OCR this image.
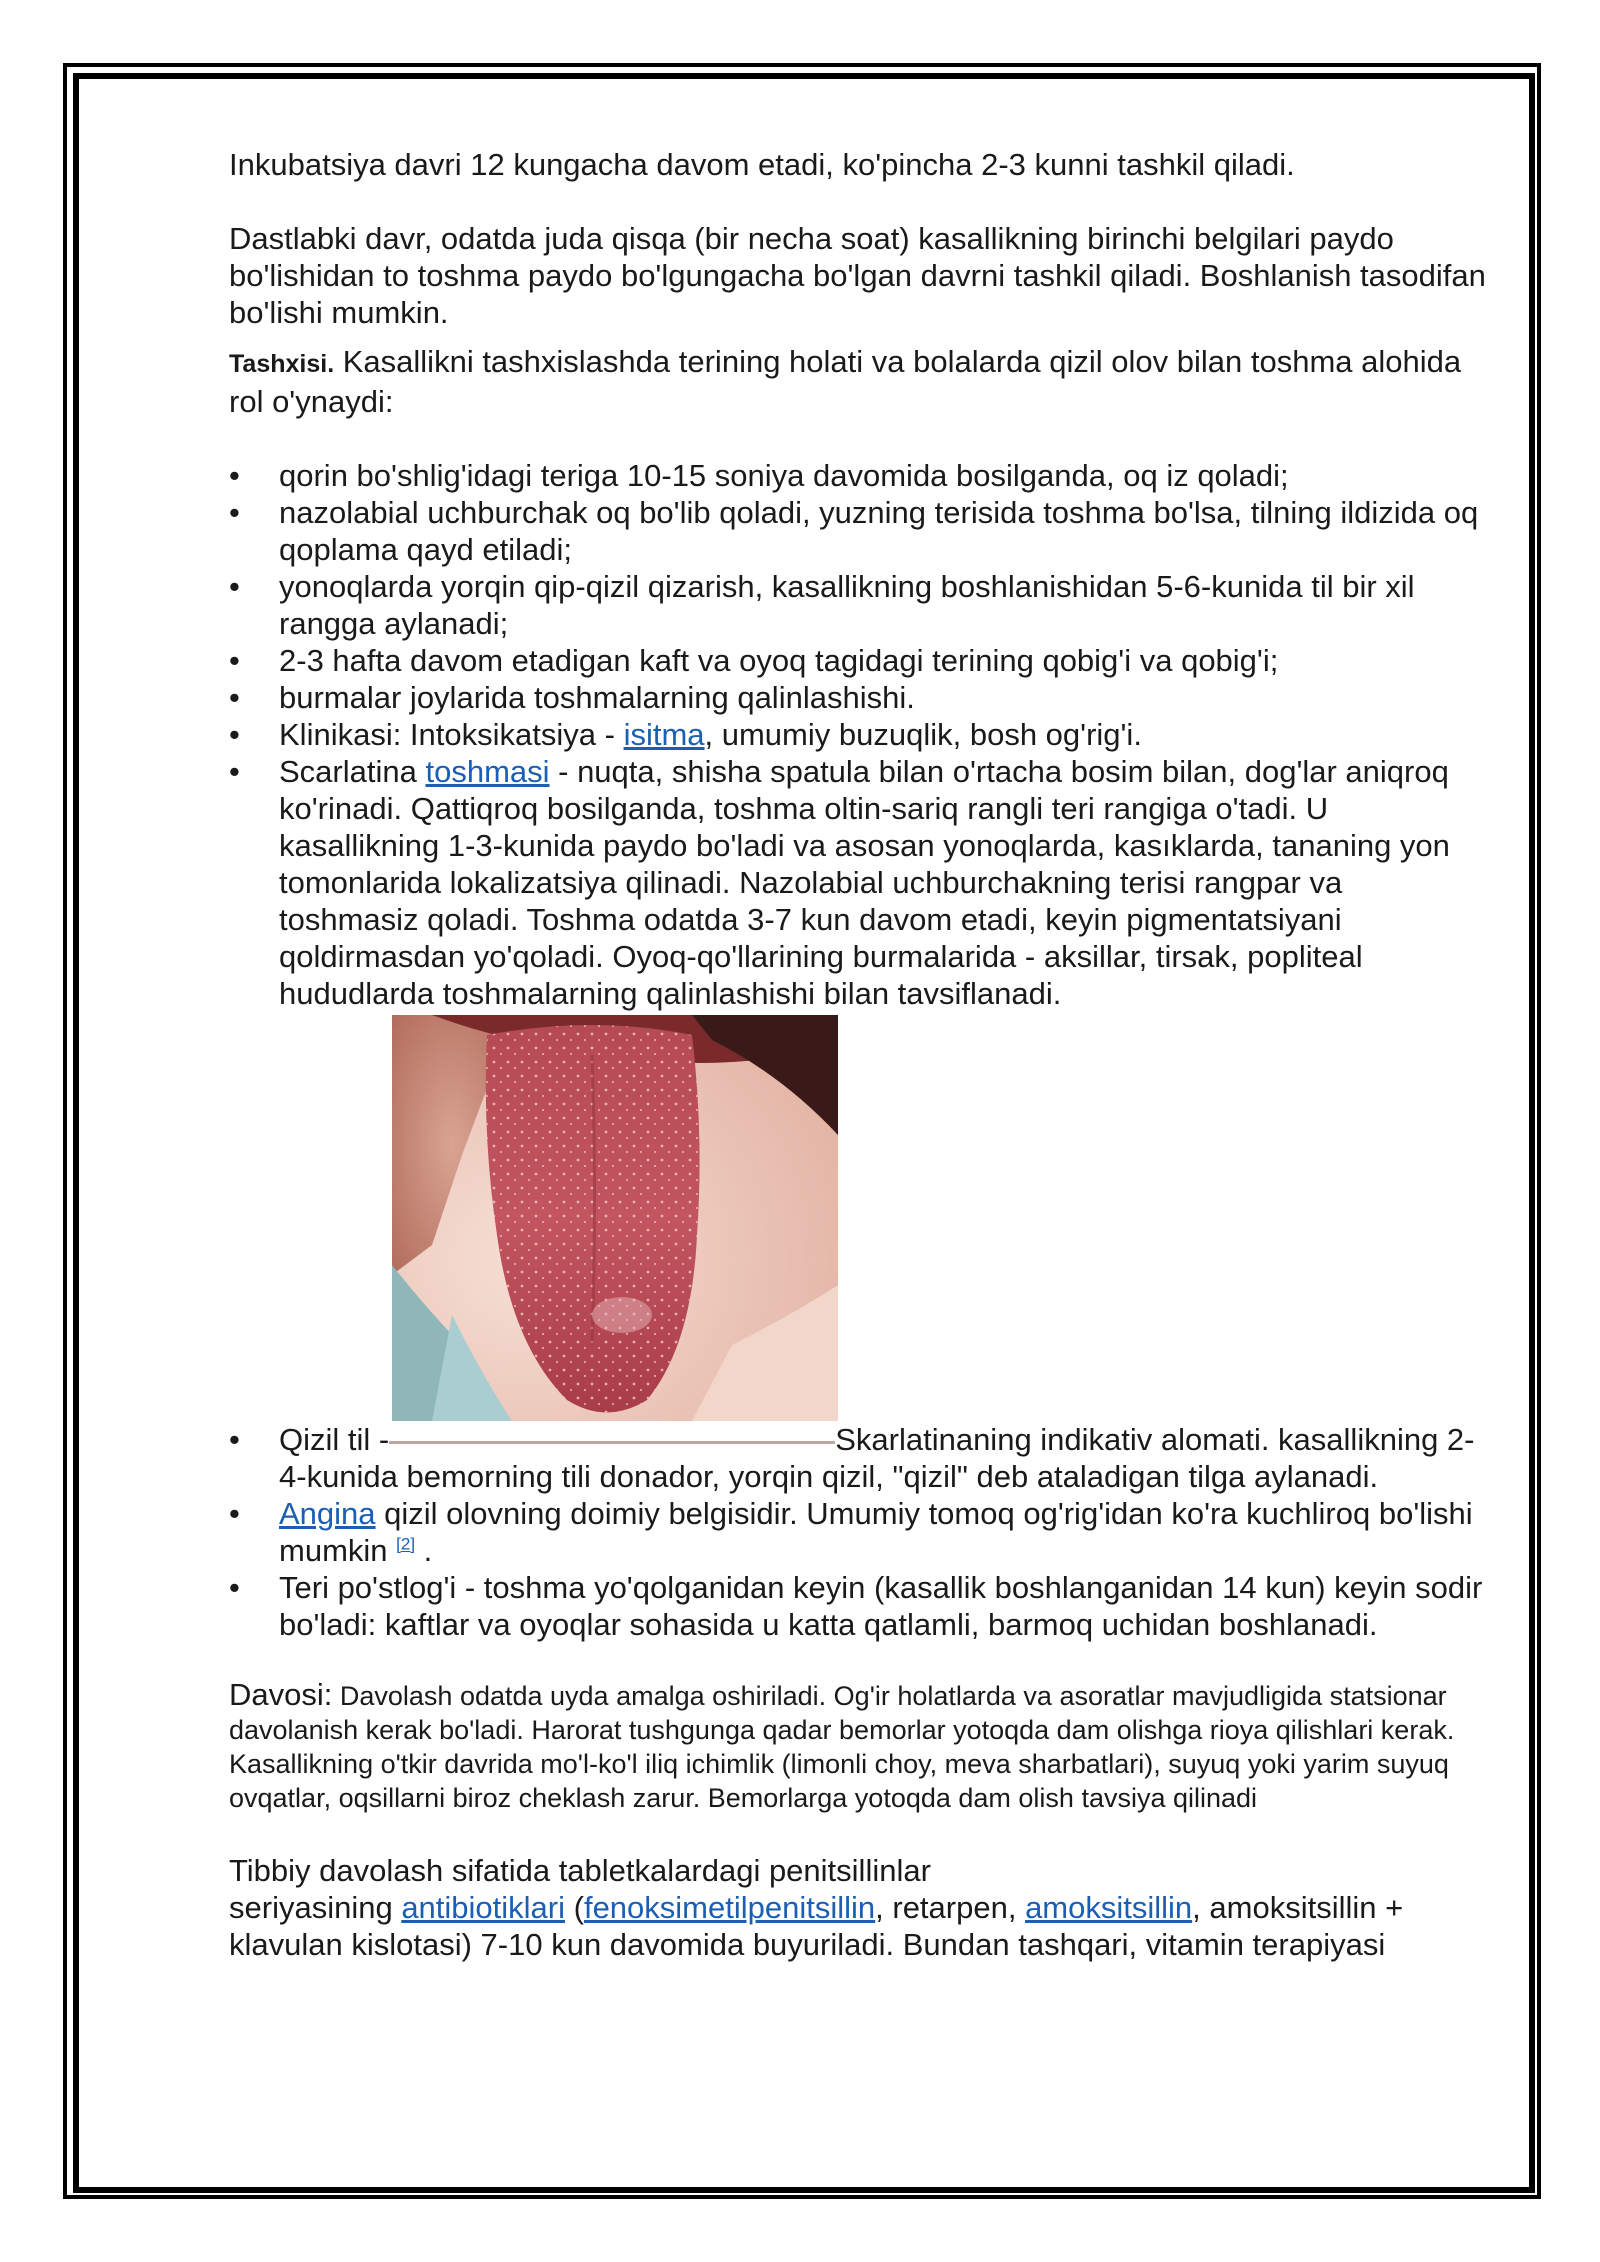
Inkubatsiya davri 12 kungacha davom etadi, ko'pincha 2-3 kunni tashkil qiladi.

Dastlabki davr, odatda juda qisqa (bir necha soat) kasallikning birinchi belgilari paydo bo'lishidan to toshma paydo bo'lgungacha bo'lgan davrni tashkil qiladi. Boshlanish tasodifan bo'lishi mumkin.

Tashxisi. Kasallikni tashxislashda terining holati va bolalarda qizil olov bilan toshma alohida rol o'ynaydi:

• qorin bo'shlig'idagi teriga 10-15 soniya davomida bosilganda, oq iz qoladi;
• nazolabial uchburchak oq bo'lib qoladi, yuzning terisida toshma bo'lsa, tilning ildizida oq qoplama qayd etiladi;
• yonoqlarda yorqin qip-qizil qizarish, kasallikning boshlanishidan 5-6-kunida til bir xil rangga aylanadi;
• 2-3 hafta davom etadigan kaft va oyoq tagidagi terining qobig'i va qobig'i;
• burmalar joylarida toshmalarning qalinlashishi.
• Klinikasi: Intoksikatsiya - isitma, umumiy buzuqlik, bosh og'rig'i.
• Scarlatina toshmasi - nuqta, shisha spatula bilan o'rtacha bosim bilan, dog'lar aniqroq ko'rinadi. Qattiqroq bosilganda, toshma oltin-sariq rangli teri rangiga o'tadi. U kasallikning 1-3-kunida paydo bo'ladi va asosan yonoqlarda, kasıklarda, tananing yon tomonlarida lokalizatsiya qilinadi. Nazolabial uchburchakning terisi rangpar va toshmasiz qoladi. Toshma odatda 3-7 kun davom etadi, keyin pigmentatsiyani qoldirmasdan yo'qoladi. Oyoq-qo'llarining burmalarida - aksillar, tirsak, popliteal hududlarda toshmalarning qalinlashishi bilan tavsiflanadi.
• Qizil til -	Skarlatinaning indikativ alomati. kasallikning 2-4-kunida bemorning tili donador, yorqin qizil, "qizil" deb ataladigan tilga aylanadi.
• Angina qizil olovning doimiy belgisidir. Umumiy tomoq og'rig'idan ko'ra kuchliroq bo'lishi mumkin [2] .
• Teri po'stlog'i - toshma yo'qolganidan keyin (kasallik boshlanganidan 14 kun) keyin sodir bo'ladi: kaftlar va oyoqlar sohasida u katta qatlamli, barmoq uchidan boshlanadi.

Davosi: Davolash odatda uyda amalga oshiriladi. Og'ir holatlarda va asoratlar mavjudligida statsionar davolanish kerak bo'ladi. Harorat tushgunga qadar bemorlar yotoqda dam olishga rioya qilishlari kerak. Kasallikning o'tkir davrida mo'l-ko'l iliq ichimlik (limonli choy, meva sharbatlari), suyuq yoki yarim suyuq ovqatlar, oqsillarni biroz cheklash zarur. Bemorlarga yotoqda dam olish tavsiya qilinadi

Tibbiy davolash sifatida tabletkalardagi penitsillinlar
seriyasining antibiotiklari (fenoksimetilpenitsillin, retarpen, amoksitsillin, amoksitsillin + klavulan kislotasi) 7-10 kun davomida buyuriladi. Bundan tashqari, vitamin terapiyasi
